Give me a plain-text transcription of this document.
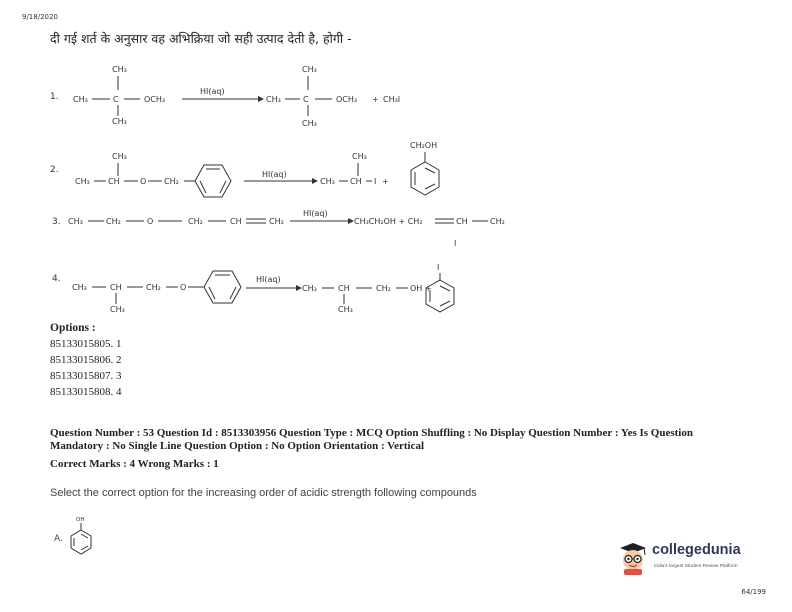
9/18/2020
दी गई शर्त के अनुसार वह अभिक्रिया जो सही उत्पाद देती है, होगी -
1.
CH₃
CH₃	C	OCH₃
CH₃
HI(aq)
CH₃
CH₃	C	OCH₃ + CH₃I
CH₃
2.
CH₃
CH₃ CH	O CH₂
HI(aq)
CH₃
CH₃ CH I +
CH₂OH
3. CH₃	CH₂	O	CH₂	CH	CH₂
HI(aq)
CH₃CH₂OH + CH₂	CH	CH₂
I
4.
CH₃	CH
CH₃
CH₂ O
HI(aq)
CH₃	CH
CH₃
CH₂ OH +
I
Options :
85133015805. 1
85133015806. 2
85133015807. 3
85133015808. 4
Question Number : 53 Question Id : 8513303956 Question Type : MCQ Option Shuffling : No Display Question Number : Yes Is Question Mandatory : No Single Line Question Option : No Option Orientation : Vertical
Correct Marks : 4 Wrong Marks : 1
Select the correct option for the increasing order of acidic strength following compounds
A.
OH
collegedunia
India's largest Student Review Platform
64/199
